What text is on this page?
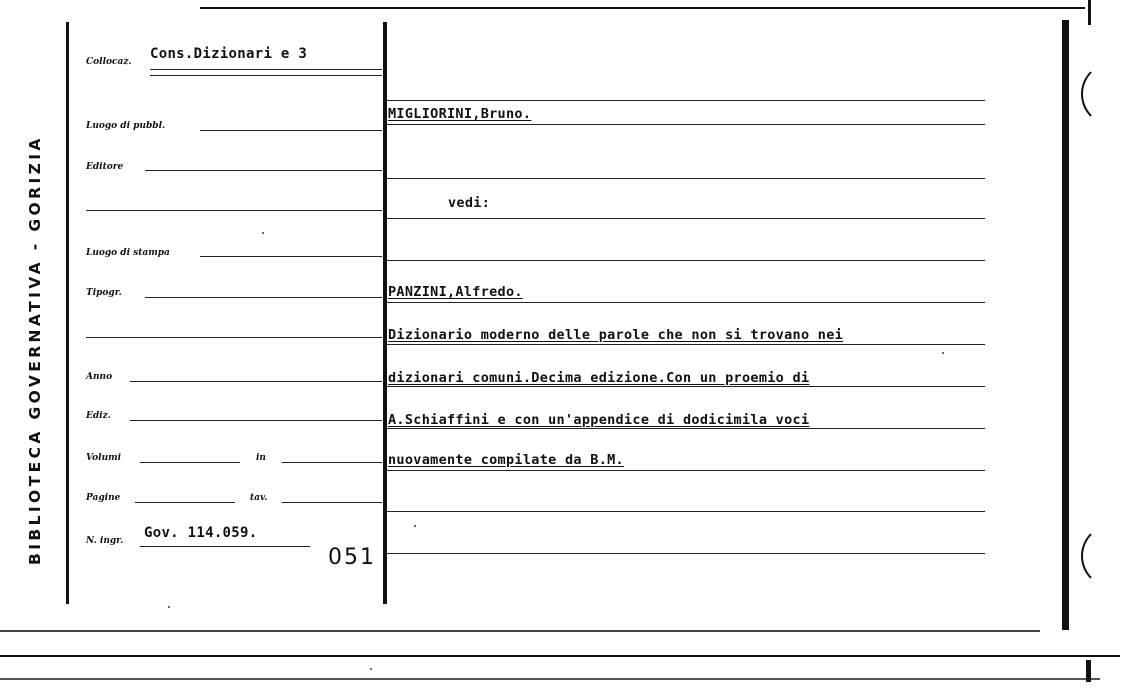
BIBLIOTECA GOVERNATIVA - GORIZIA
Collocaz. Cons.Dizionari e 3
Luogo di pubbl.
Editore
Luogo di stampa
Tipogr.
Anno
Ediz.
Volumi	in
Pagine	tav.
N. ingr. Gov. 114.059.
051
MIGLIORINI,Bruno.
vedi:
PANZINI,Alfredo.
Dizionario moderno delle parole che non si trovano nei
dizionari comuni.Decima edizione.Con un proemio di
A.Schiaffini e con un'appendice di dodicimila voci
nuovamente compilate da B.M.
